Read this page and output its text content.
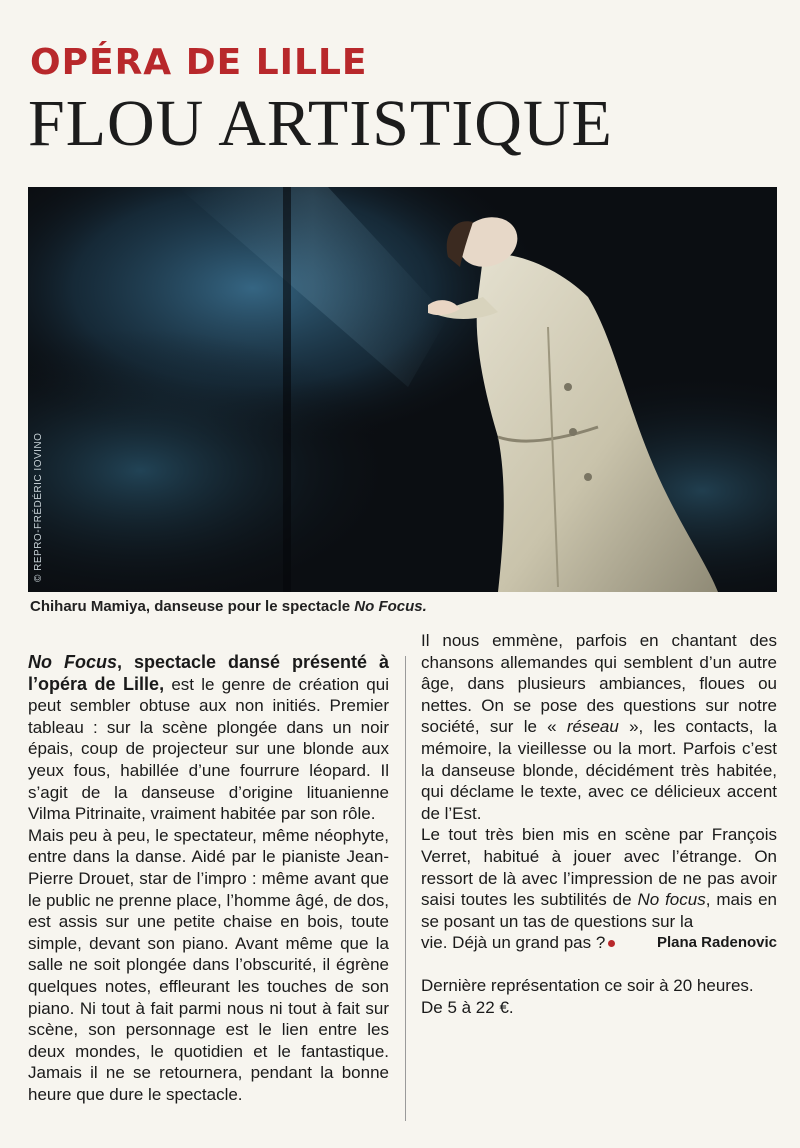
OPÉRA DE LILLE
FLOU ARTISTIQUE
© REPRO-FRÉDÉRIC IOVINO
Chiharu Mamiya, danseuse pour le spectacle No Focus.

No Focus, spectacle dansé présenté à l’opéra de Lille, est le genre de création qui peut sembler obtuse aux non initiés. Premier tableau : sur la scène plongée dans un noir épais, coup de projecteur sur une blonde aux yeux fous, habillée d’une fourrure léopard. Il s’agit de la danseuse d’origine lituanienne Vilma Pitrinaite, vraiment habitée par son rôle.

Mais peu à peu, le spectateur, même néophyte, entre dans la danse. Aidé par le pianiste Jean-Pierre Drouet, star de l’impro : même avant que le public ne prenne place, l’homme âgé, de dos, est assis sur une petite chaise en bois, toute simple, devant son piano. Avant même que la salle ne soit plongée dans l’obscurité, il égrène quelques notes, effleurant les touches de son piano. Ni tout à fait parmi nous ni tout à fait sur scène, son personnage est le lien entre les deux mondes, le quotidien et le fantastique. Jamais il ne se retournera, pendant la bonne heure que dure le spectacle.

Il nous emmène, parfois en chantant des chansons allemandes qui semblent d’un autre âge, dans plusieurs ambiances, floues ou nettes. On se pose des questions sur notre société, sur le « réseau », les contacts, la mémoire, la vieillesse ou la mort. Parfois c’est la danseuse blonde, décidément très habitée, qui déclame le texte, avec ce délicieux accent de l’Est.

Le tout très bien mis en scène par François Verret, habitué à jouer avec l’étrange. On ressort de là avec l’impression de ne pas avoir saisi toutes les subtilités de No focus, mais en se posant un tas de questions sur la

vie. Déjà un grand pas ?	Plana Radenovic

Dernière représentation ce soir à 20 heures.
De 5 à 22 €.
